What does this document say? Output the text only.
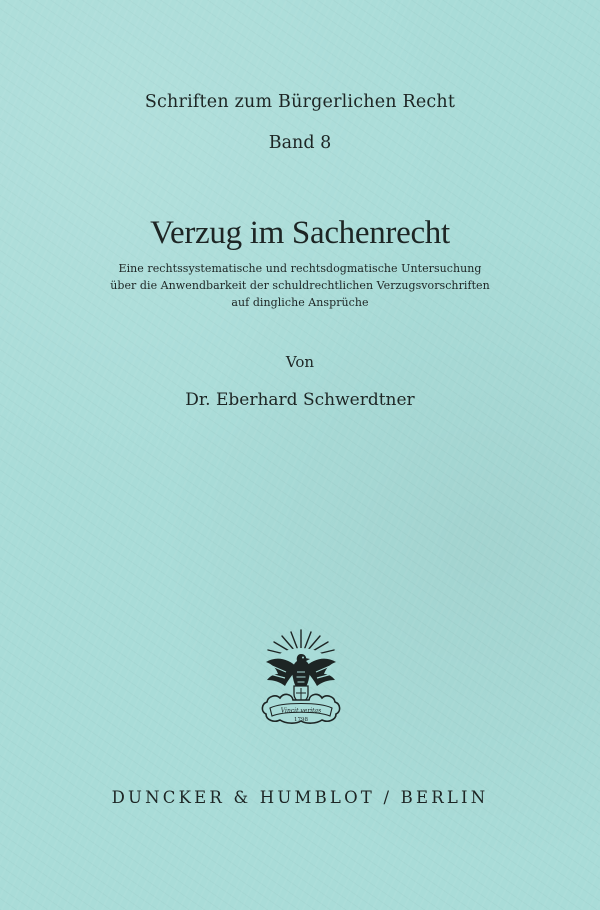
Schriften zum Bürgerlichen Recht
Band 8
Verzug im Sachenrecht
Eine rechtssystematische und rechtsdogmatische Untersuchung
über die Anwendbarkeit der schuldrechtlichen Verzugsvorschriften
auf dingliche Ansprüche
Von
Dr. Eberhard Schwerdtner
Vincit veritas
1798
DUNCKER & HUMBLOT / BERLIN
